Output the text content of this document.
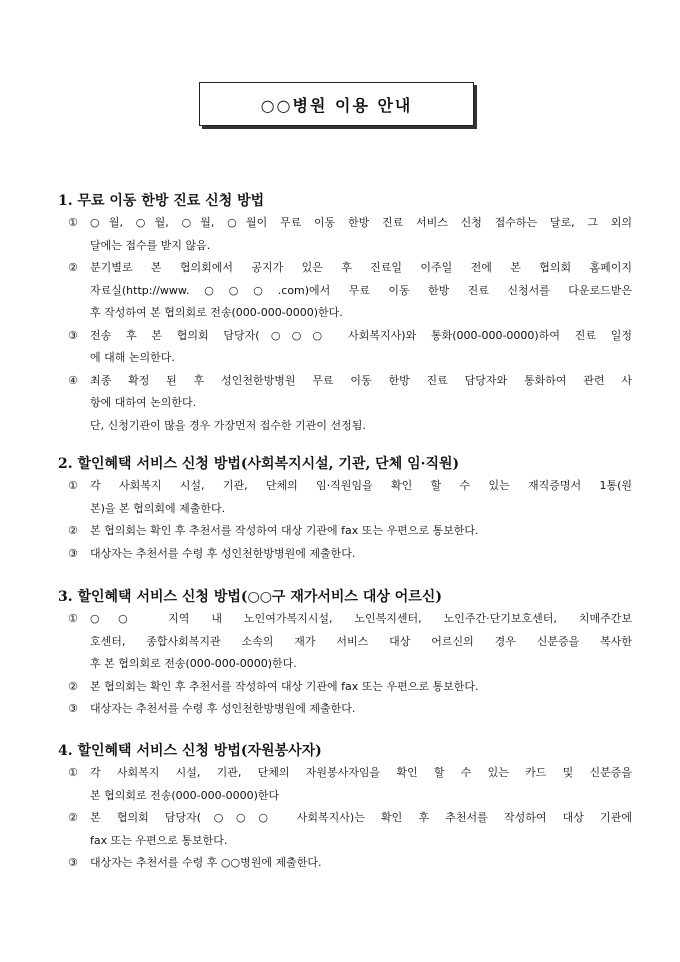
○○병원 이용 안내
1. 무료 이동 한방 진료 신청 방법
①	○월, ○월, ○월, ○월이 무료 이동 한방 진료 서비스 신청 접수하는 달로, 그 외의
달에는 접수를 받지 않음.
②	분기별로 본 협의회에서 공지가 있은 후 진료일 이주일 전에 본 협의회 홈페이지
자료실(http://www.○○○.com)에서 무료 이동 한방 진료 신청서를 다운로드받은
후 작성하여 본 협의회로 전송(000-000-0000)한다.
③	전송 후 본 협의회 담당자(○○○ 사회복지사)와 통화(000-000-0000)하여 진료 일정
에 대해 논의한다.
④	최종 확정 된 후 성인천한방병원 무료 이동 한방 진료 담당자와 통화하여 관련 사
항에 대하여 논의한다.
단, 신청기관이 많을 경우 가장먼저 접수한 기관이 선정됨.
2. 할인혜택 서비스 신청 방법(사회복지시설, 기관, 단체 임·직원)
①	각 사회복지 시설, 기관, 단체의 임·직원임을 확인 할 수 있는 재직증명서 1통(원
본)을 본 협의회에 제출한다.
②	본 협의회는 확인 후 추천서를 작성하여 대상 기관에 fax 또는 우편으로 통보한다.
③	대상자는 추천서를 수령 후 성인천한방병원에 제출한다.
3. 할인혜택 서비스 신청 방법(○○구 재가서비스 대상 어르신)
①	○○ 지역 내 노인여가복지시설, 노인복지센터, 노인주간·단기보호센터, 치매주간보
호센터, 종합사회복지관 소속의 재가 서비스 대상 어르신의 경우 신분증을 복사한
후 본 협의회로 전송(000-000-0000)한다.
②	본 협의회는 확인 후 추천서를 작성하여 대상 기관에 fax 또는 우편으로 통보한다.
③	대상자는 추천서를 수령 후 성인천한방병원에 제출한다.
4. 할인혜택 서비스 신청 방법(자원봉사자)
①	각 사회복지 시설, 기관, 단체의 자원봉사자임을 확인 할 수 있는 카드 및 신분증을
본 협의회로 전송(000-000-0000)한다
②	본 협의회 담당자(○○○ 사회복지사)는 확인 후 추천서를 작성하여 대상 기관에
fax 또는 우편으로 통보한다.
③	대상자는 추천서를 수령 후 ○○병원에 제출한다.
